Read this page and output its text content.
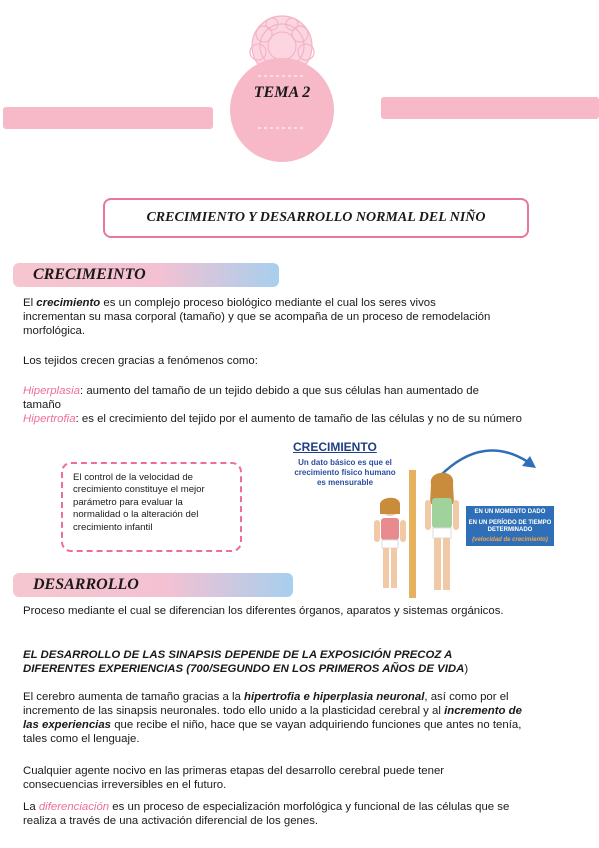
TEMA 2
CRECIMIENTO Y DESARROLLO NORMAL DEL NIÑO
CRECIMEINTO

El crecimiento es un complejo proceso biológico mediante el cual los seres vivos incrementan su masa corporal (tamaño) y que se acompaña de un proceso de remodelación morfológica.

Los tejidos crecen gracias a fenómenos como:

Hiperplasia: aumento del tamaño de un tejido debido a que sus células han aumentado de tamaño

Hipertrofia: es el crecimiento del tejido por el aumento de tamaño de las células y no de su número

El control de la velocidad de crecimiento constituye el mejor parámetro para evaluar la normalidad o la alteración del crecimiento infantil
CRECIMIENTO
Un dato básico es que el crecimiento físico humano es mensurable
EN UN MOMENTO DADO
EN UN PERÍODO DE TIEMPO DETERMINADO
(velocidad de crecimiento)
DESARROLLO

Proceso mediante el cual se diferencian los diferentes órganos, aparatos y sistemas orgánicos.

EL DESARROLLO DE LAS SINAPSIS DEPENDE DE LA EXPOSICIÓN PRECOZ A DIFERENTES EXPERIENCIAS (700/SEGUNDO EN LOS PRIMEROS AÑOS DE VIDA)

El cerebro aumenta de tamaño gracias a la hipertrofia e hiperplasia neuronal, así como por el incremento de las sinapsis neuronales. todo ello unido a la plasticidad cerebral y al incremento de las experiencias que recibe el niño, hace que se vayan adquiriendo funciones que antes no tenía, tales como el lenguaje.

Cualquier agente nocivo en las primeras etapas del desarrollo cerebral puede tener consecuencias irreversibles en el futuro.

La diferenciación es un proceso de especialización morfológica y funcional de las células que se realiza a través de una activación diferencial de los genes.
